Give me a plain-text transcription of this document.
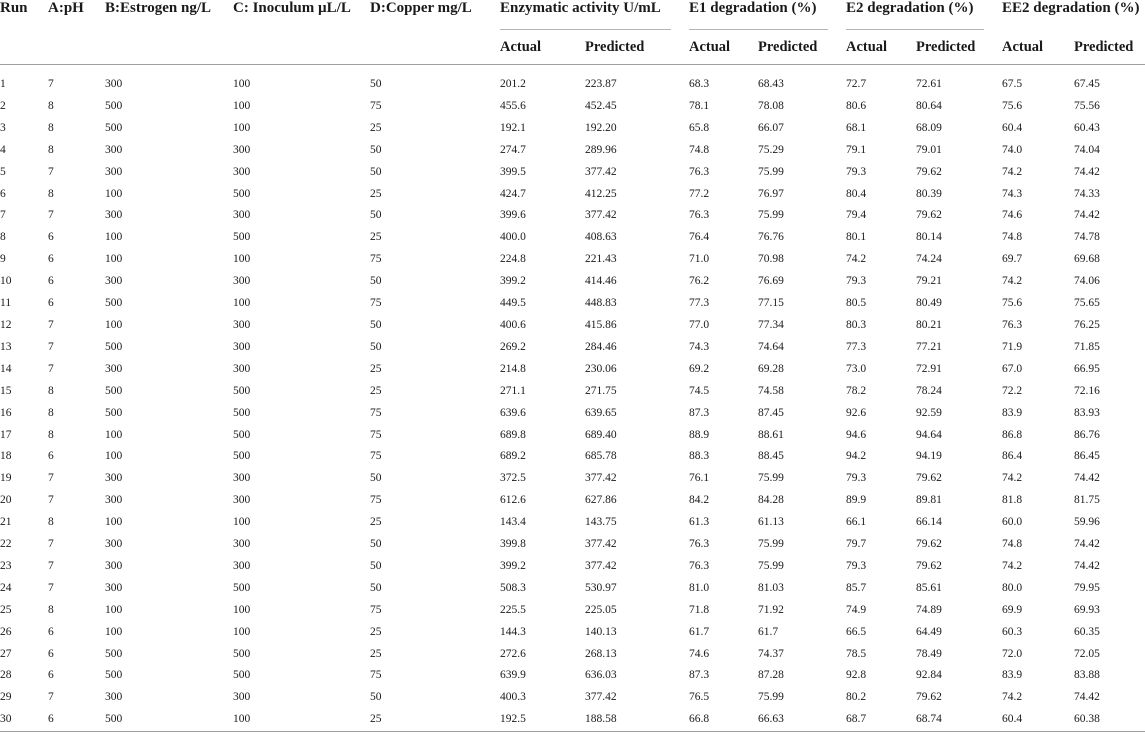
Run	A:pH	B:Estrogen ng/L	C: Inoculum µL/L	D:Copper mg/L	Enzymatic activity U/mL		E1 degradation (%)		E2 degradation (%)		EE2 degradation (%)	
					Actual	Predicted	Actual	Predicted	Actual	Predicted	Actual	Predicted

1	7	300	100	50	201.2	223.87	68.3	68.43	72.7	72.61	67.5	67.45
2	8	500	100	75	455.6	452.45	78.1	78.08	80.6	80.64	75.6	75.56
3	8	500	100	25	192.1	192.20	65.8	66.07	68.1	68.09	60.4	60.43
4	8	300	300	50	274.7	289.96	74.8	75.29	79.1	79.01	74.0	74.04
5	7	300	300	50	399.5	377.42	76.3	75.99	79.3	79.62	74.2	74.42
6	8	100	500	25	424.7	412.25	77.2	76.97	80.4	80.39	74.3	74.33
7	7	300	300	50	399.6	377.42	76.3	75.99	79.4	79.62	74.6	74.42
8	6	100	500	25	400.0	408.63	76.4	76.76	80.1	80.14	74.8	74.78
9	6	100	100	75	224.8	221.43	71.0	70.98	74.2	74.24	69.7	69.68
10	6	300	300	50	399.2	414.46	76.2	76.69	79.3	79.21	74.2	74.06
11	6	500	100	75	449.5	448.83	77.3	77.15	80.5	80.49	75.6	75.65
12	7	100	300	50	400.6	415.86	77.0	77.34	80.3	80.21	76.3	76.25
13	7	500	300	50	269.2	284.46	74.3	74.64	77.3	77.21	71.9	71.85
14	7	300	300	25	214.8	230.06	69.2	69.28	73.0	72.91	67.0	66.95
15	8	500	500	25	271.1	271.75	74.5	74.58	78.2	78.24	72.2	72.16
16	8	500	500	75	639.6	639.65	87.3	87.45	92.6	92.59	83.9	83.93
17	8	100	500	75	689.8	689.40	88.9	88.61	94.6	94.64	86.8	86.76
18	6	100	500	75	689.2	685.78	88.3	88.45	94.2	94.19	86.4	86.45
19	7	300	300	50	372.5	377.42	76.1	75.99	79.3	79.62	74.2	74.42
20	7	300	300	75	612.6	627.86	84.2	84.28	89.9	89.81	81.8	81.75
21	8	100	100	25	143.4	143.75	61.3	61.13	66.1	66.14	60.0	59.96
22	7	300	300	50	399.8	377.42	76.3	75.99	79.7	79.62	74.8	74.42
23	7	300	300	50	399.2	377.42	76.3	75.99	79.3	79.62	74.2	74.42
24	7	300	500	50	508.3	530.97	81.0	81.03	85.7	85.61	80.0	79.95
25	8	100	100	75	225.5	225.05	71.8	71.92	74.9	74.89	69.9	69.93
26	6	100	100	25	144.3	140.13	61.7	61.7	66.5	64.49	60.3	60.35
27	6	500	500	25	272.6	268.13	74.6	74.37	78.5	78.49	72.0	72.05
28	6	500	500	75	639.9	636.03	87.3	87.28	92.8	92.84	83.9	83.88
29	7	300	300	50	400.3	377.42	76.5	75.99	80.2	79.62	74.2	74.42
30	6	500	100	25	192.5	188.58	66.8	66.63	68.7	68.74	60.4	60.38
